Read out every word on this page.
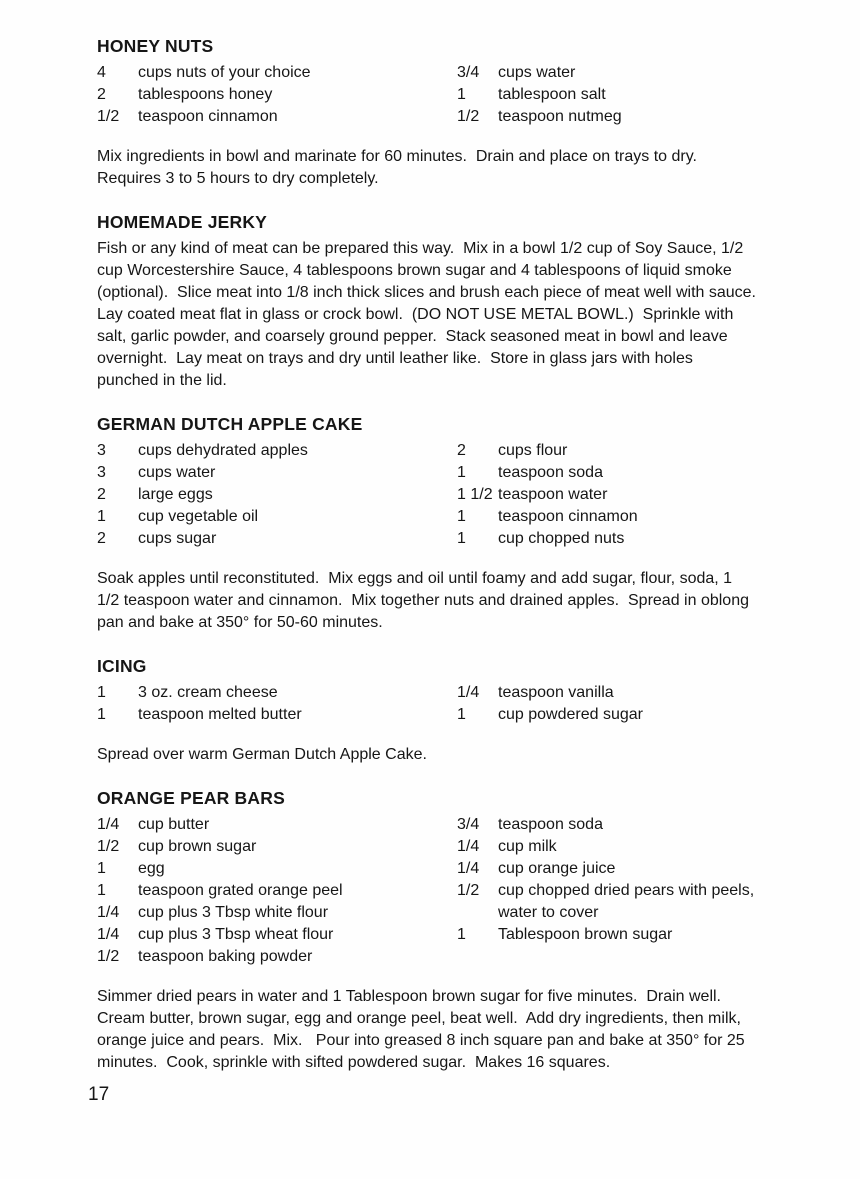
HONEY NUTS
4	cups nuts of your choice
2	tablespoons honey
1/2	teaspoon cinnamon
3/4	cups water
1	tablespoon salt
1/2	teaspoon nutmeg

Mix ingredients in bowl and marinate for 60 minutes.  Drain and place on trays to dry.  Requires 3 to 5 hours to dry completely.

HOMEMADE JERKY

Fish or any kind of meat can be prepared this way.  Mix in a bowl 1/2 cup of Soy Sauce, 1/2 cup Worcestershire Sauce, 4 tablespoons brown sugar and 4 tablespoons of liquid smoke (optional).  Slice meat into 1/8 inch thick slices and brush each piece of meat well with sauce.  Lay coated meat flat in glass or crock bowl.  (DO NOT USE METAL BOWL.)  Sprinkle with salt, garlic powder, and coarsely ground pepper.  Stack seasoned meat in bowl and leave overnight.  Lay meat on trays and dry until leather like.  Store in glass jars with holes punched in the lid.

GERMAN DUTCH APPLE CAKE
3	cups dehydrated apples
3	cups water
2	large eggs
1	cup vegetable oil
2	cups sugar
2	cups flour
1	teaspoon soda
1 1/2 teaspoon water
1	teaspoon cinnamon
1	cup chopped nuts

Soak apples until reconstituted.  Mix eggs and oil until foamy and add sugar, flour, soda, 1 1/2 teaspoon water and cinnamon.  Mix together nuts and drained apples.  Spread in oblong pan and bake at 350° for 50-60 minutes.

ICING
1	3 oz. cream cheese
1	teaspoon melted butter
1/4	teaspoon vanilla
1	cup powdered sugar

Spread over warm German Dutch Apple Cake.

ORANGE PEAR BARS
1/4	cup butter
1/2	cup brown sugar
1	egg
1	teaspoon grated orange peel
1/4	cup plus 3 Tbsp white flour
1/4	cup plus 3 Tbsp wheat flour
1/2	teaspoon baking powder
3/4	teaspoon soda
1/4	cup milk
1/4	cup orange juice
1/2	cup chopped dried pears with peels, water to cover
1	Tablespoon brown sugar

Simmer dried pears in water and 1 Tablespoon brown sugar for five minutes.  Drain well.  Cream butter, brown sugar, egg and orange peel, beat well.  Add dry ingredients, then milk, orange juice and pears.  Mix.   Pour into greased 8 inch square pan and bake at 350° for 25 minutes.  Cook, sprinkle with sifted powdered sugar.  Makes 16 squares.

17
